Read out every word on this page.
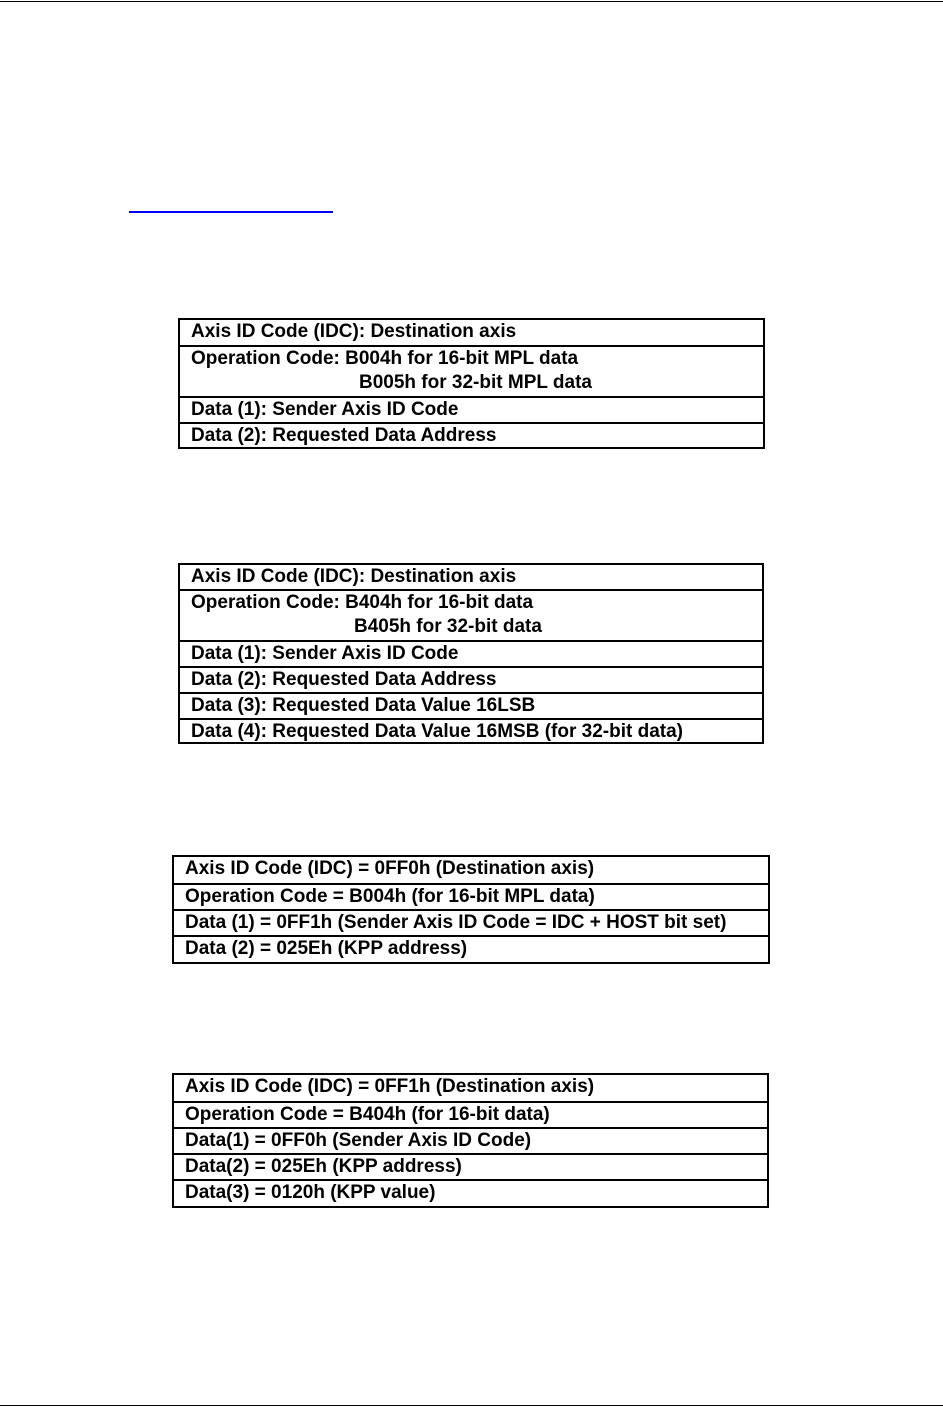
Axis ID Code (IDC): Destination axis
Operation Code: B004h for 16-bit MPL data
B005h for 32-bit MPL data
Data (1): Sender Axis ID Code
Data (2): Requested Data Address
Axis ID Code (IDC): Destination axis
Operation Code: B404h for 16-bit data
B405h for 32-bit data
Data (1): Sender Axis ID Code
Data (2): Requested Data Address
Data (3): Requested Data Value 16LSB
Data (4): Requested Data Value 16MSB (for 32-bit data)
Axis ID Code (IDC) = 0FF0h (Destination axis)
Operation Code = B004h (for 16-bit MPL data)
Data (1) = 0FF1h (Sender Axis ID Code = IDC + HOST bit set)
Data (2) = 025Eh (KPP address)
Axis ID Code (IDC) = 0FF1h (Destination axis)
Operation Code = B404h (for 16-bit data)
Data(1) = 0FF0h (Sender Axis ID Code)
Data(2) = 025Eh (KPP address)
Data(3) = 0120h (KPP value)
